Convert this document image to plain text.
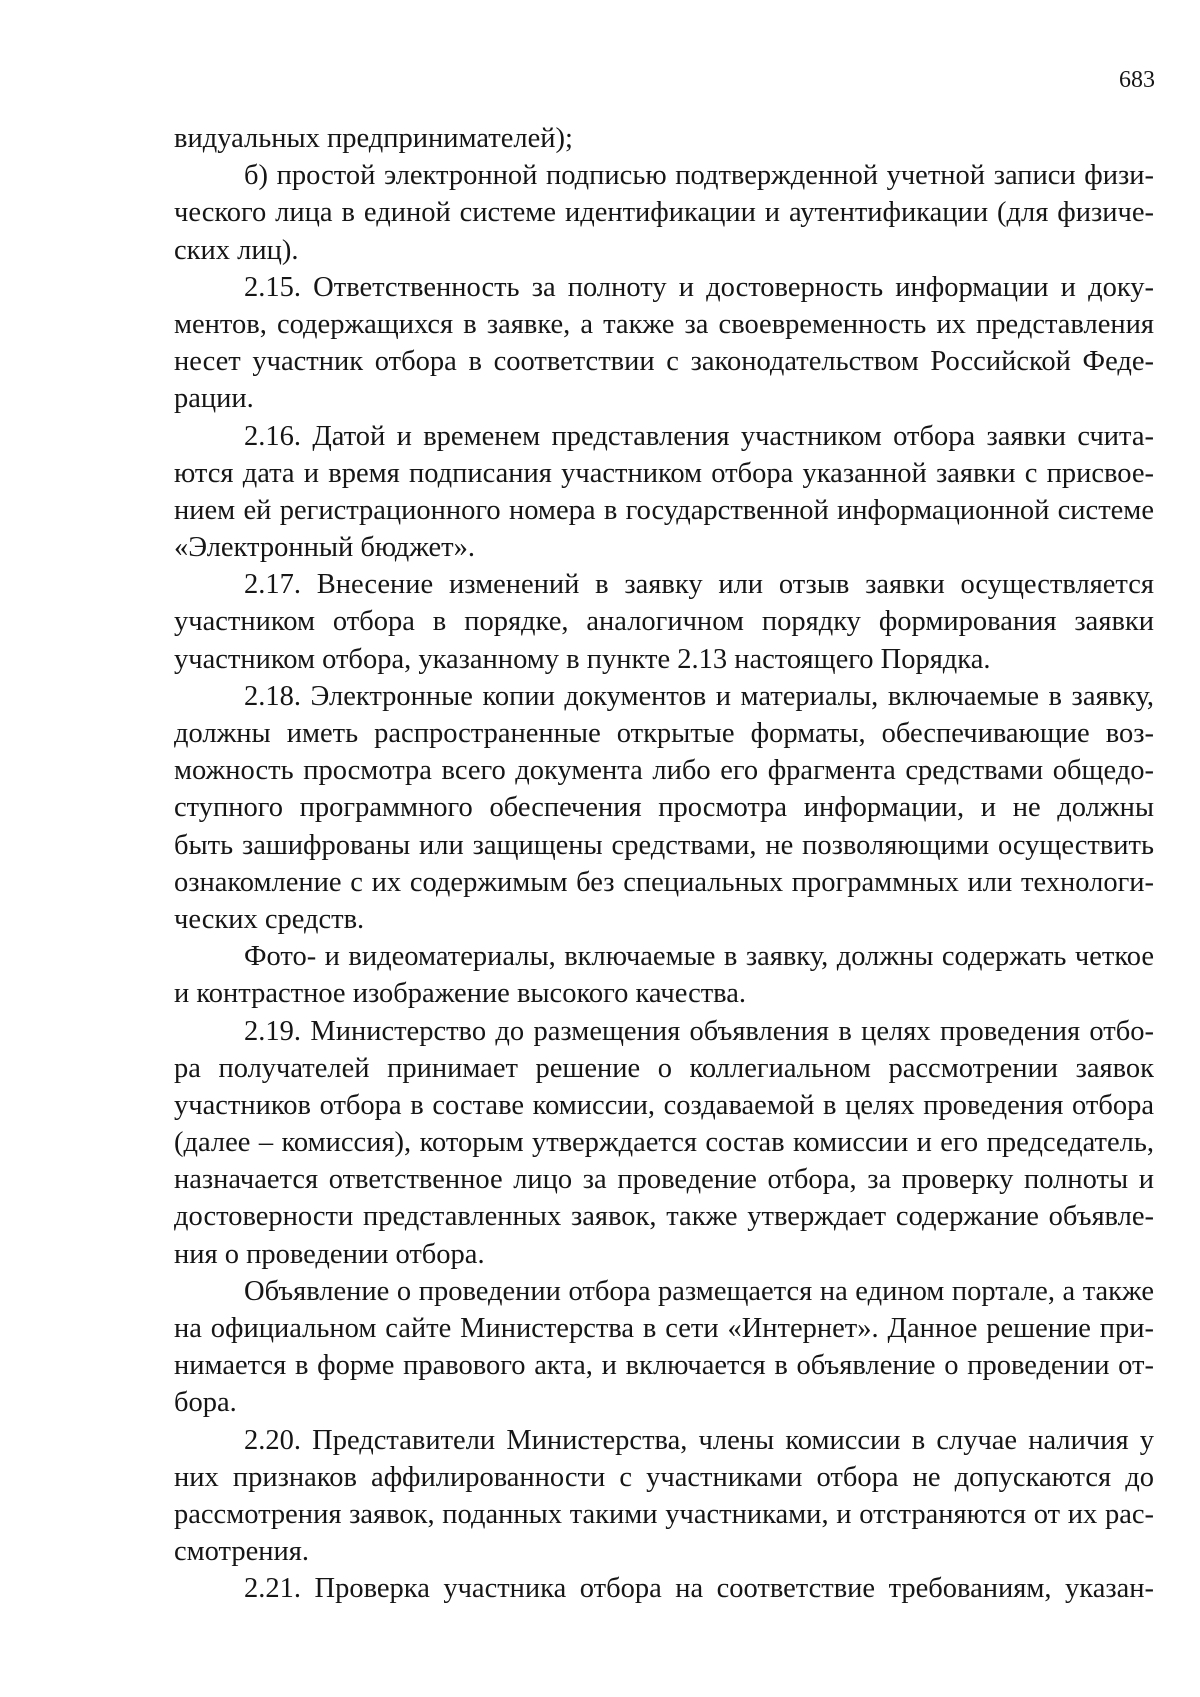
683
видуальных предпринимателей);
б) простой электронной подписью подтвержденной учетной записи физи-
ческого лица в единой системе идентификации и аутентификации (для физиче-
ских лиц).
2.15. Ответственность за полноту и достоверность информации и доку-
ментов, содержащихся в заявке, а также за своевременность их представления
несет участник отбора в соответствии с законодательством Российской Феде-
рации.
2.16. Датой и временем представления участником отбора заявки счита-
ются дата и время подписания участником отбора указанной заявки с присвое-
нием ей регистрационного номера в государственной информационной системе
«Электронный бюджет».
2.17. Внесение изменений в заявку или отзыв заявки осуществляется
участником отбора в порядке, аналогичном порядку формирования заявки
участником отбора, указанному в пункте 2.13 настоящего Порядка.
2.18. Электронные копии документов и материалы, включаемые в заявку,
должны иметь распространенные открытые форматы, обеспечивающие воз-
можность просмотра всего документа либо его фрагмента средствами общедо-
ступного программного обеспечения просмотра информации, и не должны
быть зашифрованы или защищены средствами, не позволяющими осуществить
ознакомление с их содержимым без специальных программных или технологи-
ческих средств.
Фото- и видеоматериалы, включаемые в заявку, должны содержать четкое
и контрастное изображение высокого качества.
2.19. Министерство до размещения объявления в целях проведения отбо-
ра получателей принимает решение о коллегиальном рассмотрении заявок
участников отбора в составе комиссии, создаваемой в целях проведения отбора
(далее – комиссия), которым утверждается состав комиссии и его председатель,
назначается ответственное лицо за проведение отбора, за проверку полноты и
достоверности представленных заявок, также утверждает содержание объявле-
ния о проведении отбора.
Объявление о проведении отбора размещается на едином портале, а также
на официальном сайте Министерства в сети «Интернет». Данное решение при-
нимается в форме правового акта, и включается в объявление о проведении от-
бора.
2.20. Представители Министерства, члены комиссии в случае наличия у
них признаков аффилированности с участниками отбора не допускаются до
рассмотрения заявок, поданных такими участниками, и отстраняются от их рас-
смотрения.
2.21. Проверка участника отбора на соответствие требованиям, указан-
